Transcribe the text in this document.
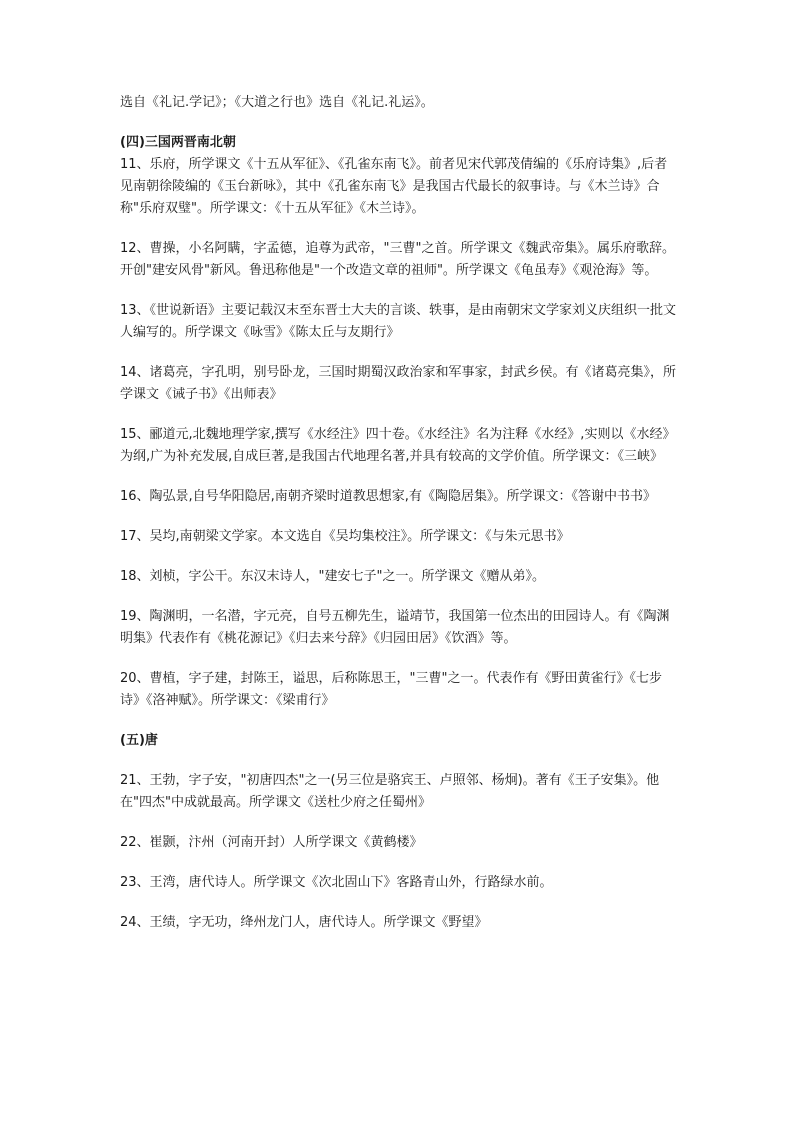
选自《礼记.学记》；《大道之行也》选自《礼记.礼运》。

(四)三国两晋南北朝

11、乐府，所学课文《十五从军征》、《孔雀东南飞》。前者见宋代郭茂倩编的《乐府诗集》,后者见南朝徐陵编的《玉台新咏》，其中《孔雀东南飞》是我国古代最长的叙事诗。与《木兰诗》合称"乐府双璧"。所学课文：《十五从军征》《木兰诗》。

12、曹操，小名阿瞒，字孟德，追尊为武帝，"三曹"之首。所学课文《魏武帝集》。属乐府歌辞。开创"建安风骨"新风。鲁迅称他是"一个改造文章的祖师"。所学课文《龟虽寿》《观沧海》等。

13、《世说新语》主要记载汉末至东晋士大夫的言谈、轶事，是由南朝宋文学家刘义庆组织一批文人编写的。所学课文《咏雪》《陈太丘与友期行》

14、诸葛亮，字孔明，别号卧龙，三国时期蜀汉政治家和军事家，封武乡侯。有《诸葛亮集》，所学课文《诫子书》《出师表》

15、郦道元,北魏地理学家,撰写《水经注》四十卷。《水经注》名为注释《水经》,实则以《水经》为纲,广为补充发展,自成巨著,是我国古代地理名著,并具有较高的文学价值。所学课文：《三峡》

16、陶弘景,自号华阳隐居,南朝齐梁时道教思想家,有《陶隐居集》。所学课文：《答谢中书书》

17、吴均,南朝梁文学家。本文选自《吴均集校注》。所学课文：《与朱元思书》

18、刘桢，字公干。东汉末诗人，"建安七子"之一。所学课文《赠从弟》。

19、陶渊明，一名潜，字元亮，自号五柳先生，谥靖节，我国第一位杰出的田园诗人。有《陶渊明集》代表作有《桃花源记》《归去来兮辞》《归园田居》《饮酒》等。

20、曹植，字子建，封陈王，谥思，后称陈思王，"三曹"之一。代表作有《野田黄雀行》《七步诗》《洛神赋》。所学课文：《梁甫行》

(五)唐

21、王勃，字子安，"初唐四杰"之一(另三位是骆宾王、卢照邻、杨炯)。著有《王子安集》。他在"四杰"中成就最高。所学课文《送杜少府之任蜀州》

22、崔颢，汴州（河南开封）人所学课文《黄鹤楼》

23、王湾，唐代诗人。所学课文《次北固山下》客路青山外，行路绿水前。

24、王绩，字无功，绛州龙门人，唐代诗人。所学课文《野望》
